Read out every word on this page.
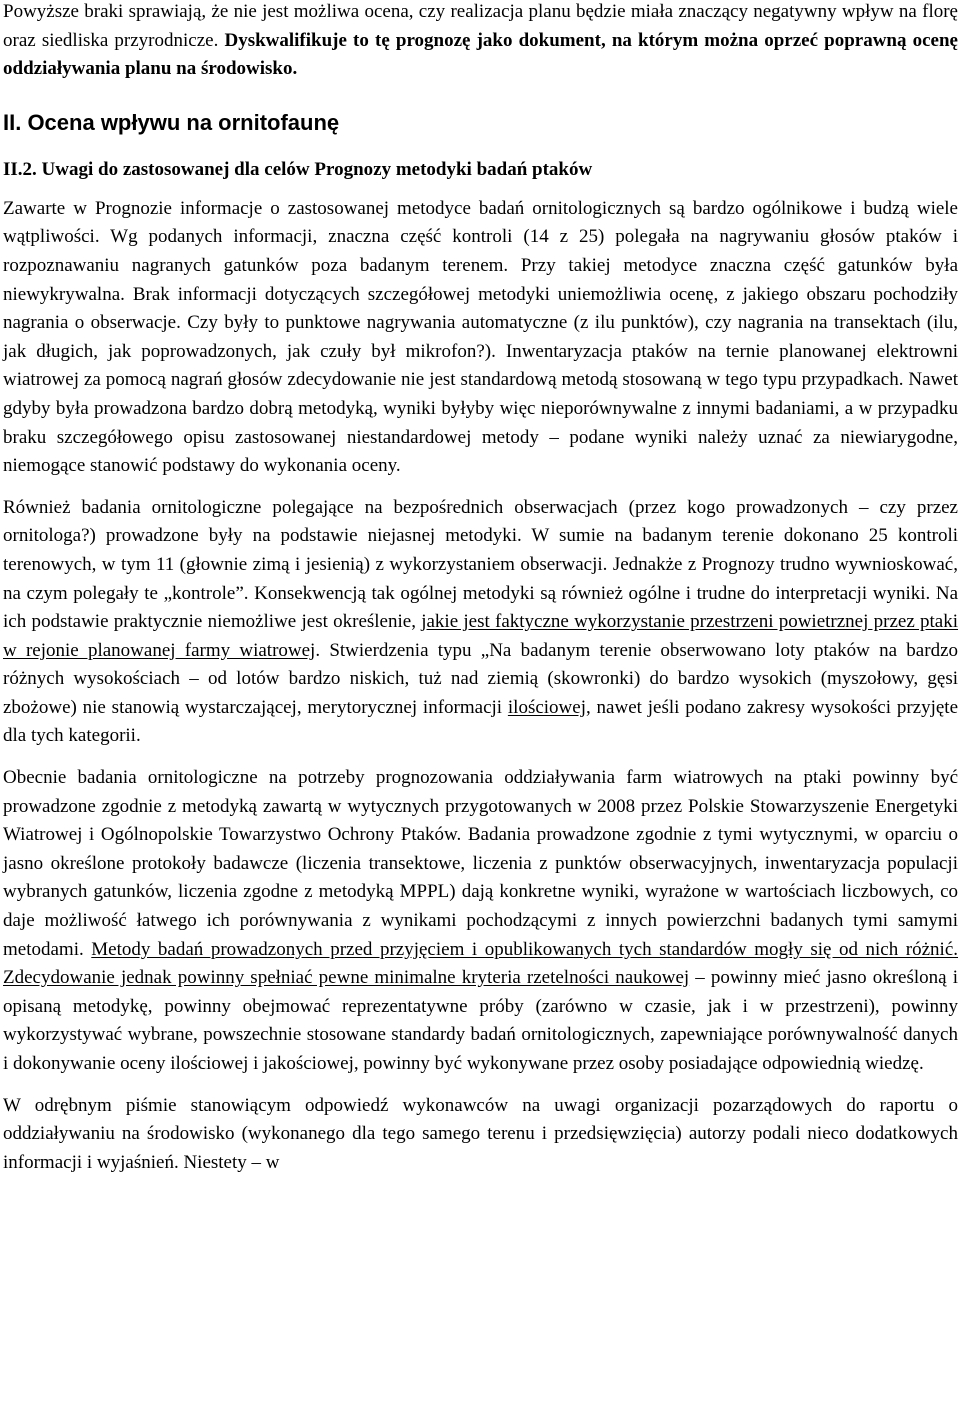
Powyższe braki sprawiają, że nie jest możliwa ocena, czy realizacja planu będzie miała znaczący negatywny wpływ na florę oraz siedliska przyrodnicze. Dyskwalifikuje to tę prognozę jako dokument, na którym można oprzeć poprawną ocenę oddziaływania planu na środowisko.

II. Ocena wpływu na ornitofaunę
II.2. Uwagi do zastosowanej dla celów Prognozy metodyki badań ptaków

Zawarte w Prognozie informacje o zastosowanej metodyce badań ornitologicznych są bardzo ogólnikowe i budzą wiele wątpliwości. Wg podanych informacji, znaczna część kontroli (14 z 25) polegała na nagrywaniu głosów ptaków i rozpoznawaniu nagranych gatunków poza badanym terenem. Przy takiej metodyce znaczna część gatunków była niewykrywalna. Brak informacji dotyczących szczegółowej metodyki uniemożliwia ocenę, z jakiego obszaru pochodziły nagrania o obserwacje. Czy były to punktowe nagrywania automatyczne (z ilu punktów), czy nagrania na transektach (ilu, jak długich, jak poprowadzonych, jak czuły był mikrofon?). Inwentaryzacja ptaków na ternie planowanej elektrowni wiatrowej za pomocą nagrań głosów zdecydowanie nie jest standardową metodą stosowaną w tego typu przypadkach. Nawet gdyby była prowadzona bardzo dobrą metodyką, wyniki byłyby więc nieporównywalne z innymi badaniami, a w przypadku braku szczegółowego opisu zastosowanej niestandardowej metody – podane wyniki należy uznać za niewiarygodne, niemogące stanowić podstawy do wykonania oceny.

Również badania ornitologiczne polegające na bezpośrednich obserwacjach (przez kogo prowadzonych – czy przez ornitologa?) prowadzone były na podstawie niejasnej metodyki. W sumie na badanym terenie dokonano 25 kontroli terenowych, w tym 11 (głownie zimą i jesienią) z wykorzystaniem obserwacji. Jednakże z Prognozy trudno wywnioskować, na czym polegały te „kontrole”. Konsekwencją tak ogólnej metodyki są również ogólne i trudne do interpretacji wyniki. Na ich podstawie praktycznie niemożliwe jest określenie, jakie jest faktyczne wykorzystanie przestrzeni powietrznej przez ptaki w rejonie planowanej farmy wiatrowej. Stwierdzenia typu „Na badanym terenie obserwowano loty ptaków na bardzo różnych wysokościach – od lotów bardzo niskich, tuż nad ziemią (skowronki) do bardzo wysokich (myszołowy, gęsi zbożowe) nie stanowią wystarczającej, merytorycznej informacji ilościowej, nawet jeśli podano zakresy wysokości przyjęte dla tych kategorii.

Obecnie badania ornitologiczne na potrzeby prognozowania oddziaływania farm wiatrowych na ptaki powinny być prowadzone zgodnie z metodyką zawartą w wytycznych przygotowanych w 2008 przez Polskie Stowarzyszenie Energetyki Wiatrowej i Ogólnopolskie Towarzystwo Ochrony Ptaków. Badania prowadzone zgodnie z tymi wytycznymi, w oparciu o jasno określone protokoły badawcze (liczenia transektowe, liczenia z punktów obserwacyjnych, inwentaryzacja populacji wybranych gatunków, liczenia zgodne z metodyką MPPL) dają konkretne wyniki, wyrażone w wartościach liczbowych, co daje możliwość łatwego ich porównywania z wynikami pochodzącymi z innych powierzchni badanych tymi samymi metodami. Metody badań prowadzonych przed przyjęciem i opublikowanych tych standardów mogły się od nich różnić. Zdecydowanie jednak powinny spełniać pewne minimalne kryteria rzetelności naukowej – powinny mieć jasno określoną i opisaną metodykę, powinny obejmować reprezentatywne próby (zarówno w czasie, jak i w przestrzeni), powinny wykorzystywać wybrane, powszechnie stosowane standardy badań ornitologicznych, zapewniające porównywalność danych i dokonywanie oceny ilościowej i jakościowej, powinny być wykonywane przez osoby posiadające odpowiednią wiedzę.

W odrębnym piśmie stanowiącym odpowiedź wykonawców na uwagi organizacji pozarządowych do raportu o oddziaływaniu na środowisko (wykonanego dla tego samego terenu i przedsięwzięcia) autorzy podali nieco dodatkowych informacji i wyjaśnień. Niestety – w
